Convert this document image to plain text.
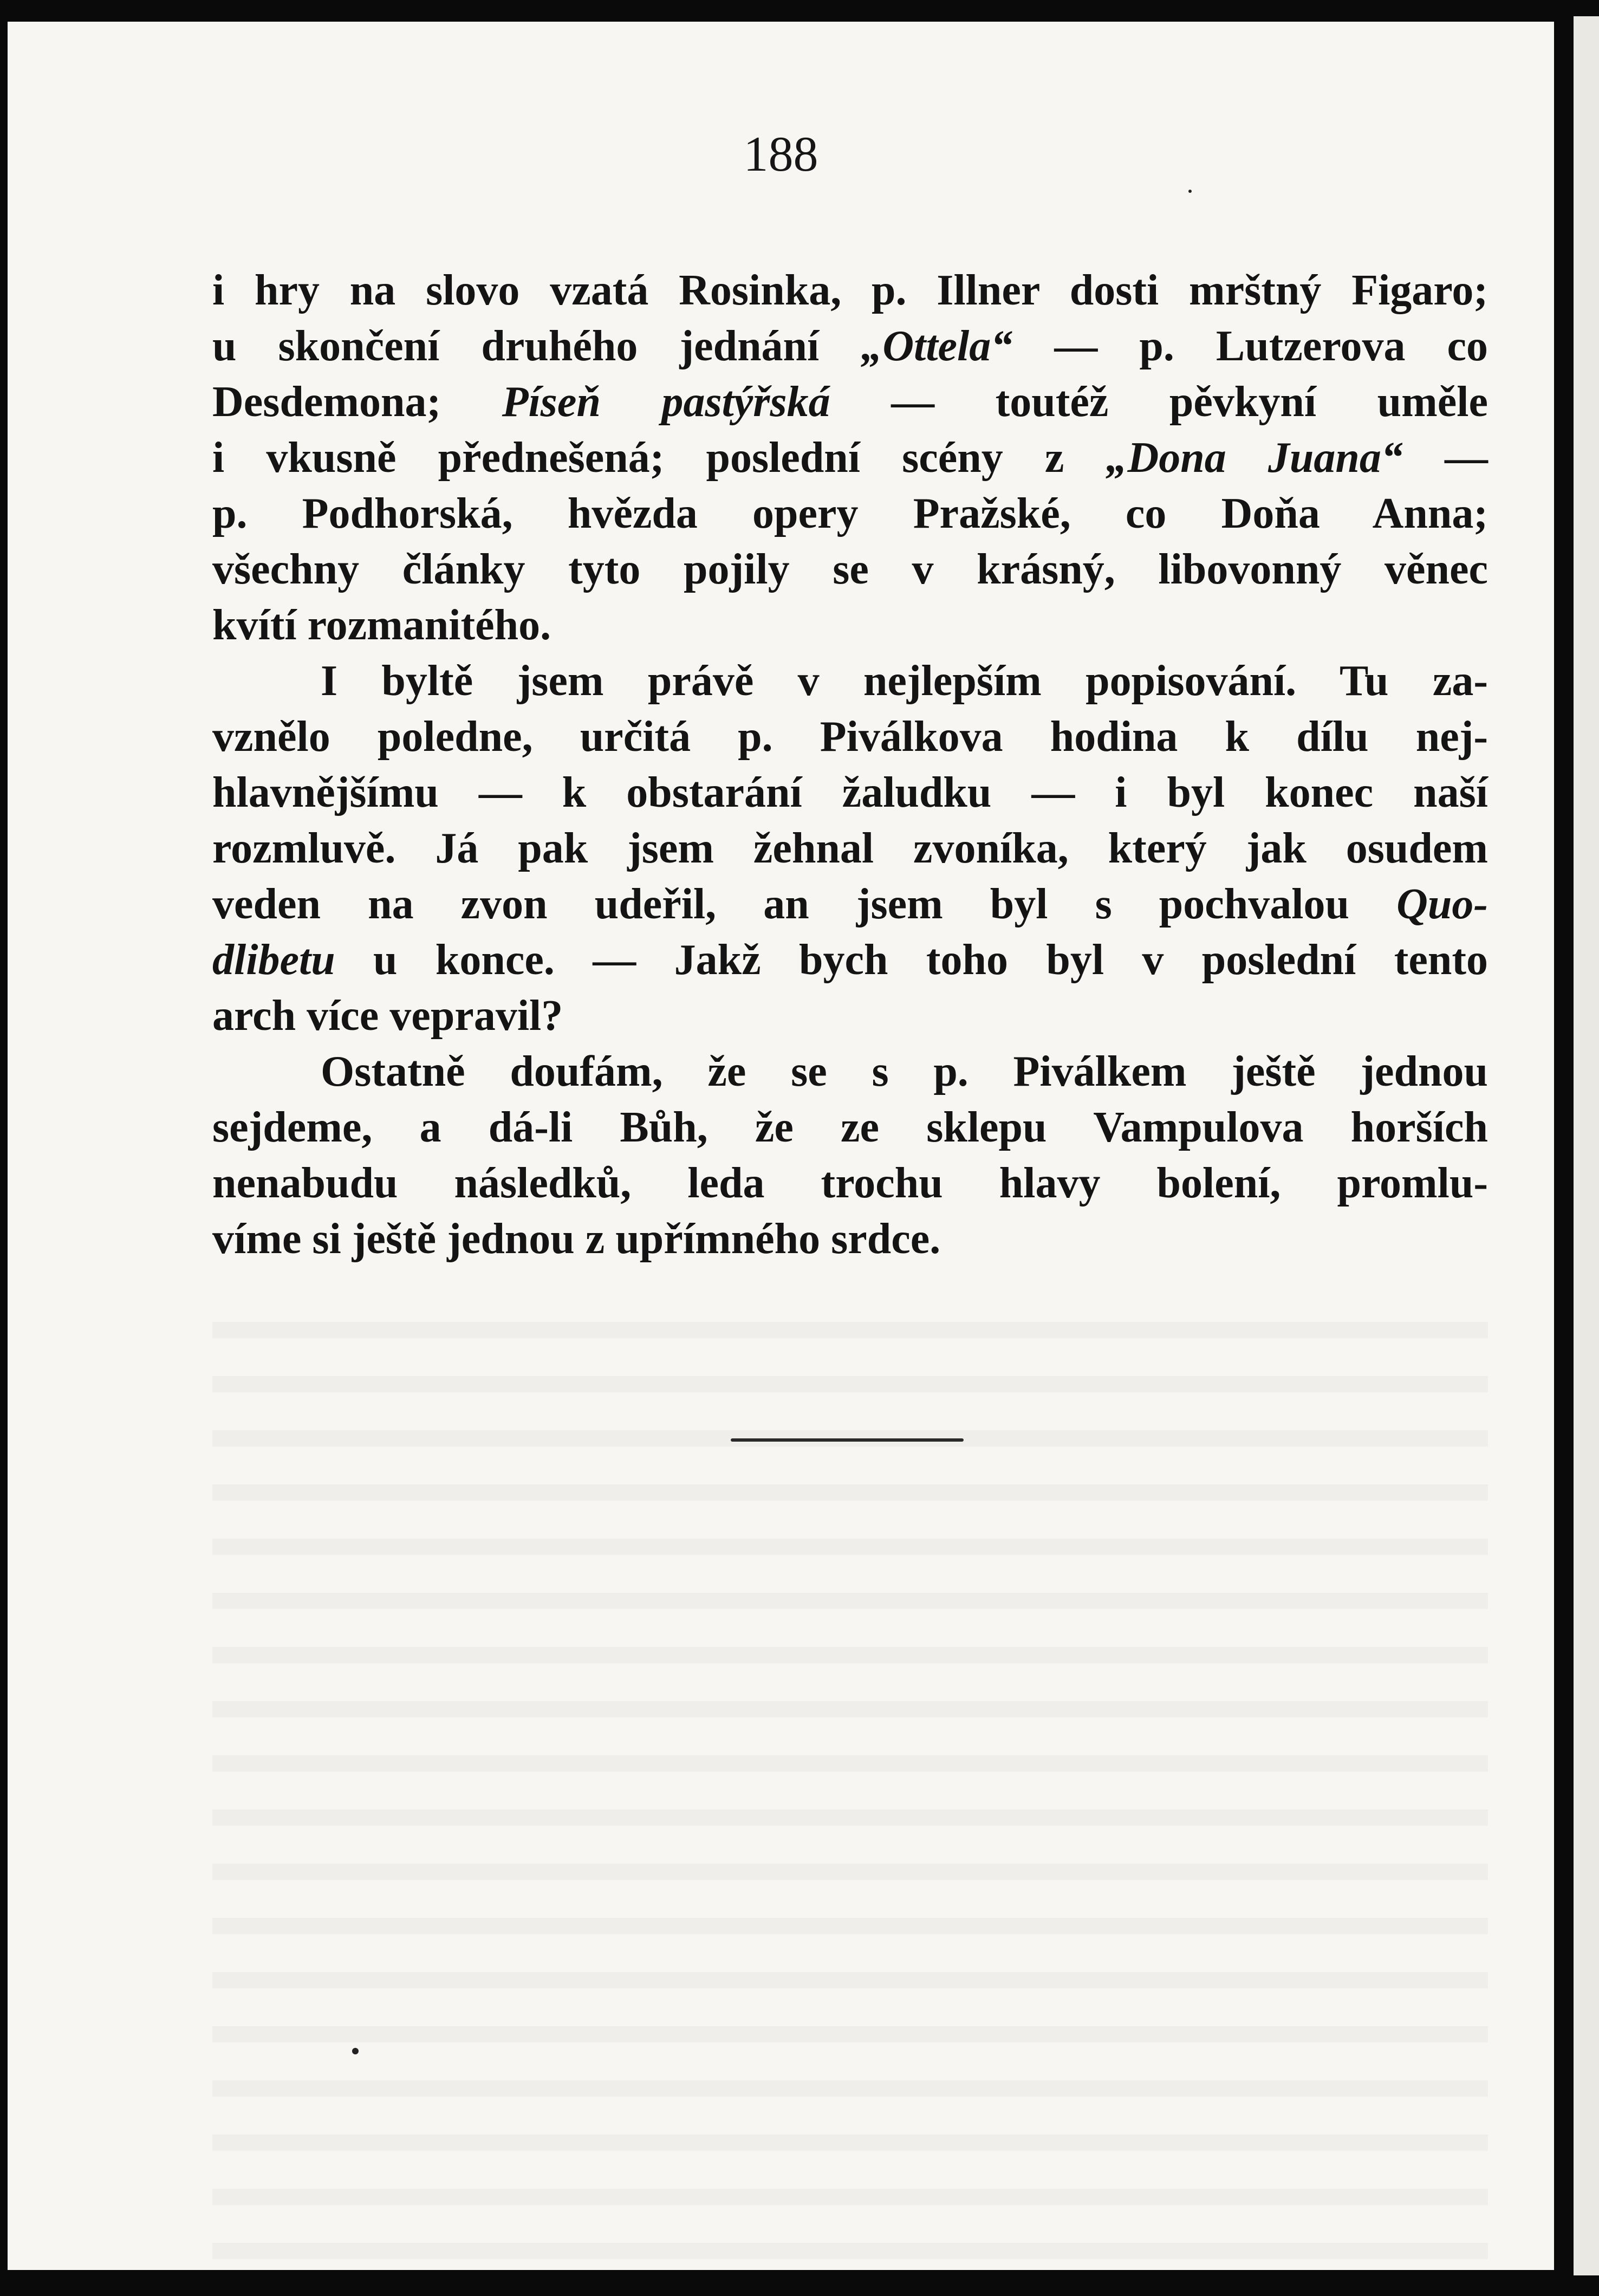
188

i hry na slovo vzatá Rosinka, p. Illner dosti mrštný Figaro;
u skončení druhého jednání „Ottela“ — p. Lutzerova co
Desdemona; Píseň pastýřská — toutéž pěvkyní uměle
i vkusně přednešená; poslední scény z „Dona Juana“ —
p. Podhorská, hvězda opery Pražské, co Doňa Anna;
všechny články tyto pojily se v krásný, libovonný věnec
kvítí rozmanitého.

I byltě jsem právě v nejlepším popisování. Tu za-
vznělo poledne, určitá p. Piválkova hodina k dílu nej-
hlavnějšímu — k obstarání žaludku — i byl konec naší
rozmluvě. Já pak jsem žehnal zvoníka, který jak osudem
veden na zvon udeřil, an jsem byl s pochvalou Quo-
dlibetu u konce. — Jakž bych toho byl v poslední tento
arch více vepravil?

Ostatně doufám, že se s p. Piválkem ještě jednou
sejdeme, a dá-li Bůh, že ze sklepu Vampulova horších
nenabudu následků, leda trochu hlavy bolení, promlu-
víme si ještě jednou z upřímného srdce.
